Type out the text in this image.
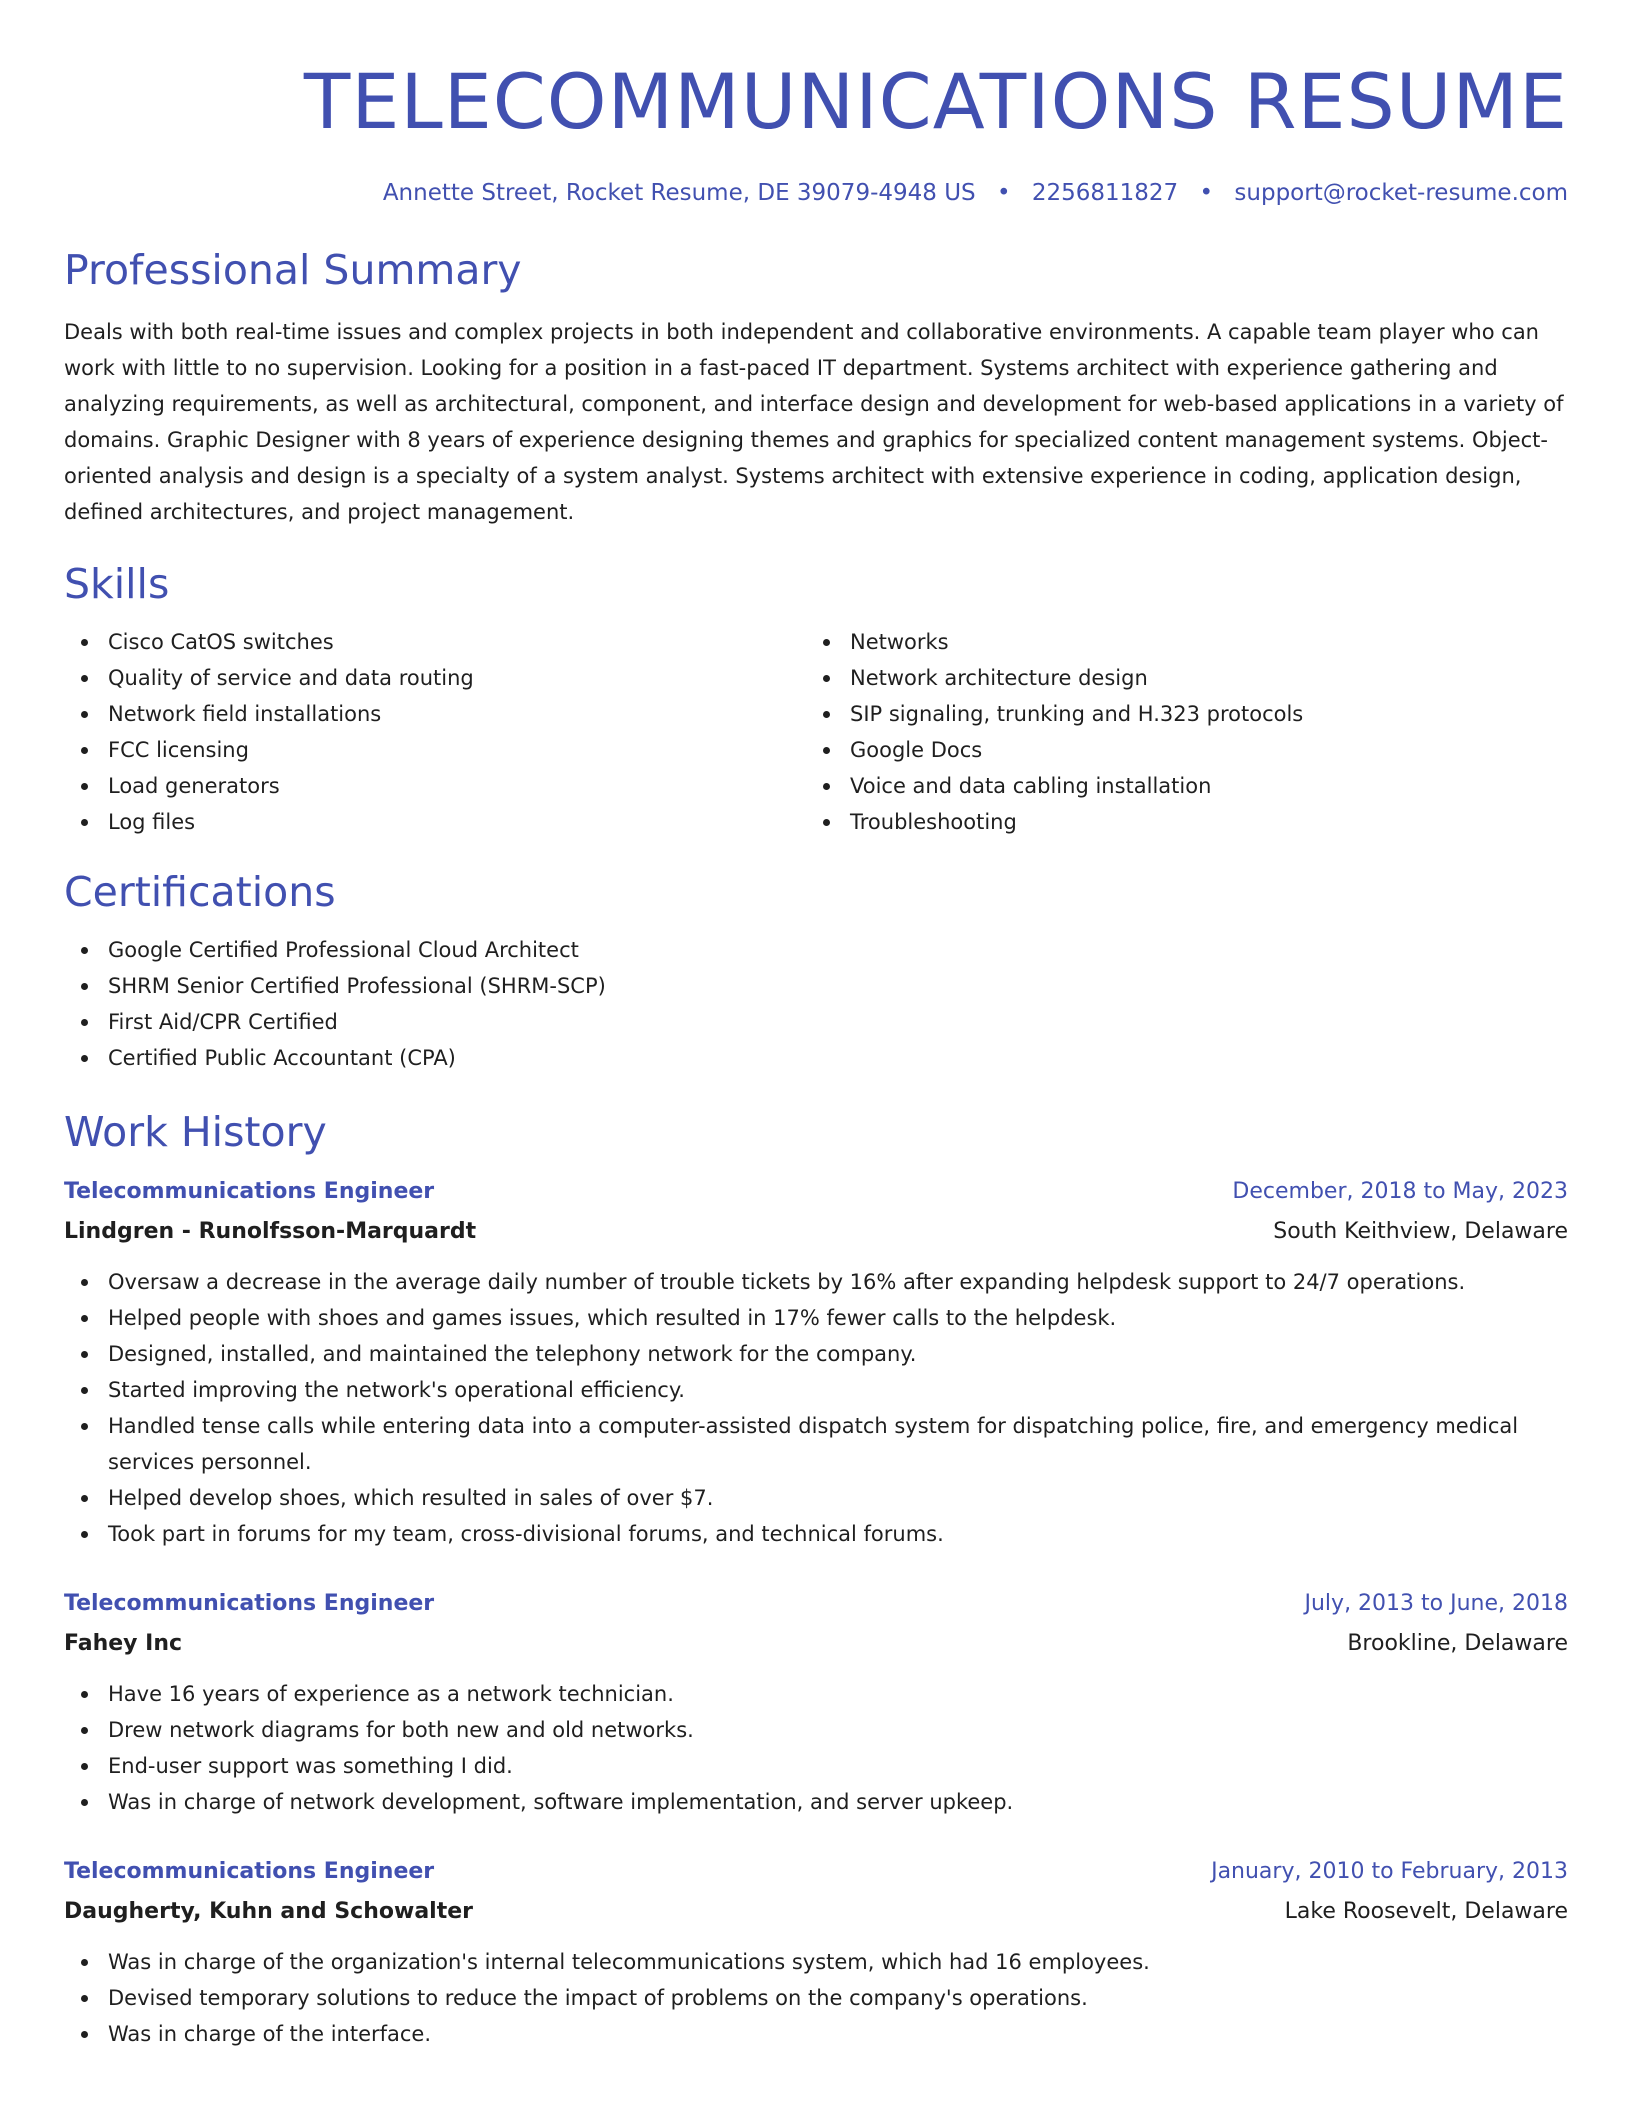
TELECOMMUNICATIONS RESUME
Annette Street, Rocket Resume, DE 39079-4948 US • 2256811827 • support@rocket-resume.com
Professional Summary

Deals with both real-time issues and complex projects in both independent and collaborative environments. A capable team player who can work with little to no supervision. Looking for a position in a fast-paced IT department. Systems architect with experience gathering and analyzing requirements, as well as architectural, component, and interface design and development for web-based applications in a variety of domains. Graphic Designer with 8 years of experience designing themes and graphics for specialized content management systems. Object-oriented analysis and design is a specialty of a system analyst. Systems architect with extensive experience in coding, application design, defined architectures, and project management.

Skills
Cisco CatOS switches
Quality of service and data routing
Network field installations
FCC licensing
Load generators
Log files
Networks
Network architecture design
SIP signaling, trunking and H.323 protocols
Google Docs
Voice and data cabling installation
Troubleshooting
Certifications
Google Certified Professional Cloud Architect
SHRM Senior Certified Professional (SHRM-SCP)
First Aid/CPR Certified
Certified Public Accountant (CPA)
Work History
Telecommunications Engineer	December, 2018 to May, 2023
Lindgren - Runolfsson-Marquardt	South Keithview, Delaware
Oversaw a decrease in the average daily number of trouble tickets by 16% after expanding helpdesk support to 24/7 operations.
Helped people with shoes and games issues, which resulted in 17% fewer calls to the helpdesk.
Designed, installed, and maintained the telephony network for the company.
Started improving the network's operational efficiency.
Handled tense calls while entering data into a computer-assisted dispatch system for dispatching police, fire, and emergency medical services personnel.
Helped develop shoes, which resulted in sales of over $7.
Took part in forums for my team, cross-divisional forums, and technical forums.
Telecommunications Engineer	July, 2013 to June, 2018
Fahey Inc	Brookline, Delaware
Have 16 years of experience as a network technician.
Drew network diagrams for both new and old networks.
End-user support was something I did.
Was in charge of network development, software implementation, and server upkeep.
Telecommunications Engineer	January, 2010 to February, 2013
Daugherty, Kuhn and Schowalter	Lake Roosevelt, Delaware
Was in charge of the organization's internal telecommunications system, which had 16 employees.
Devised temporary solutions to reduce the impact of problems on the company's operations.
Was in charge of the interface.
